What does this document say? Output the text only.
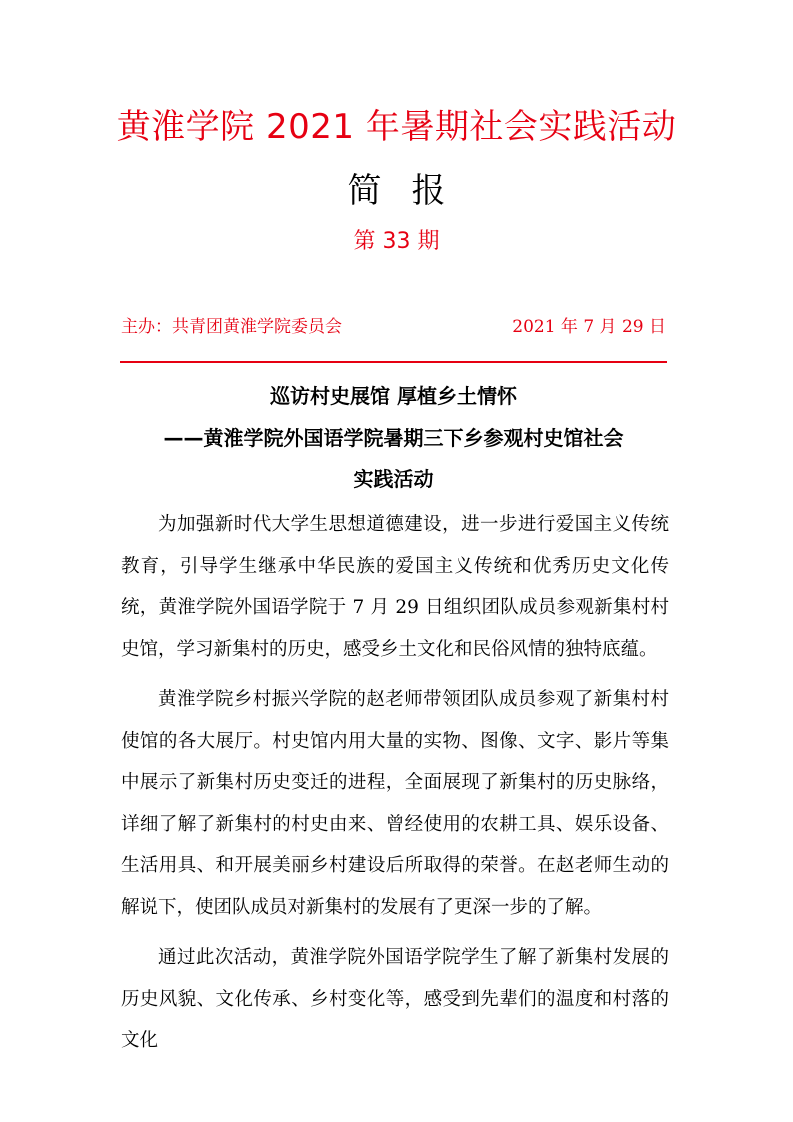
黄淮学院 2021 年暑期社会实践活动
简 报
第 33 期
主办：共青团黄淮学院委员会	2021 年 7 月 29 日
巡访村史展馆 厚植乡土情怀
——黄淮学院外国语学院暑期三下乡参观村史馆社会
实践活动

为加强新时代大学生思想道德建设，进一步进行爱国主义传统教育，引导学生继承中华民族的爱国主义传统和优秀历史文化传统，黄淮学院外国语学院于 7 月 29 日组织团队成员参观新集村村史馆，学习新集村的历史，感受乡土文化和民俗风情的独特底蕴。

黄淮学院乡村振兴学院的赵老师带领团队成员参观了新集村村使馆的各大展厅。村史馆内用大量的实物、图像、文字、影片等集中展示了新集村历史变迁的进程，全面展现了新集村的历史脉络，详细了解了新集村的村史由来、曾经使用的农耕工具、娱乐设备、生活用具、和开展美丽乡村建设后所取得的荣誉。在赵老师生动的解说下，使团队成员对新集村的发展有了更深一步的了解。

通过此次活动，黄淮学院外国语学院学生了解了新集村发展的历史风貌、文化传承、乡村变化等，感受到先辈们的温度和村落的文化
